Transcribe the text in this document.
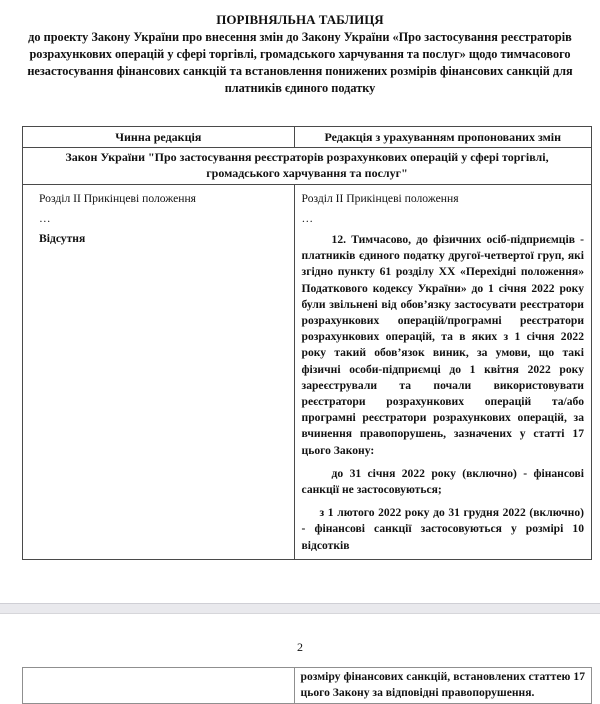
ПОРІВНЯЛЬНА ТАБЛИЦЯ
до проекту Закону України про внесення змін до Закону України «Про застосування реєстраторів розрахункових операцій у сфері торгівлі, громадського харчування та послуг» щодо тимчасового незастосування фінансових санкцій та встановлення понижених розмірів фінансових санкцій для платників єдиного податку
Чинна редакція	Редакція з урахуванням пропонованих змін
Закон України "Про застосування реєстраторів розрахункових операцій у сфері торгівлі, громадського харчування та послуг"
Розділ ІІ Прикінцеві положення
…
Відсутня
Розділ ІІ Прикінцеві положення
…
12. Тимчасово, до фізичних осіб-підприємців - платників єдиного податку другої-четвертої груп, які згідно пункту 61 розділу ХХ «Перехідні положення» Податкового кодексу України» до 1 січня 2022 року були звільнені від обов’язку застосувати реєстратори розрахункових операцій/програмні реєстратори розрахункових операцій, та в яких з 1 січня 2022 року такий обов’язок виник, за умови, що такі фізичні особи-підприємці до 1 квітня 2022 року зареєстрували та почали використовувати реєстратори розрахункових операцій та/або програмні реєстратори розрахункових операцій, за вчинення правопорушень, зазначених у статті 17 цього Закону:
до 31 січня 2022 року (включно) - фінансові санкції не застосовуються;
з 1 лютого 2022 року до 31 грудня 2022 (включно) - фінансові санкції застосовуються у розмірі 10 відсотків
2
розміру фінансових санкцій, встановлених статтею 17 цього Закону за відповідні правопорушення.
